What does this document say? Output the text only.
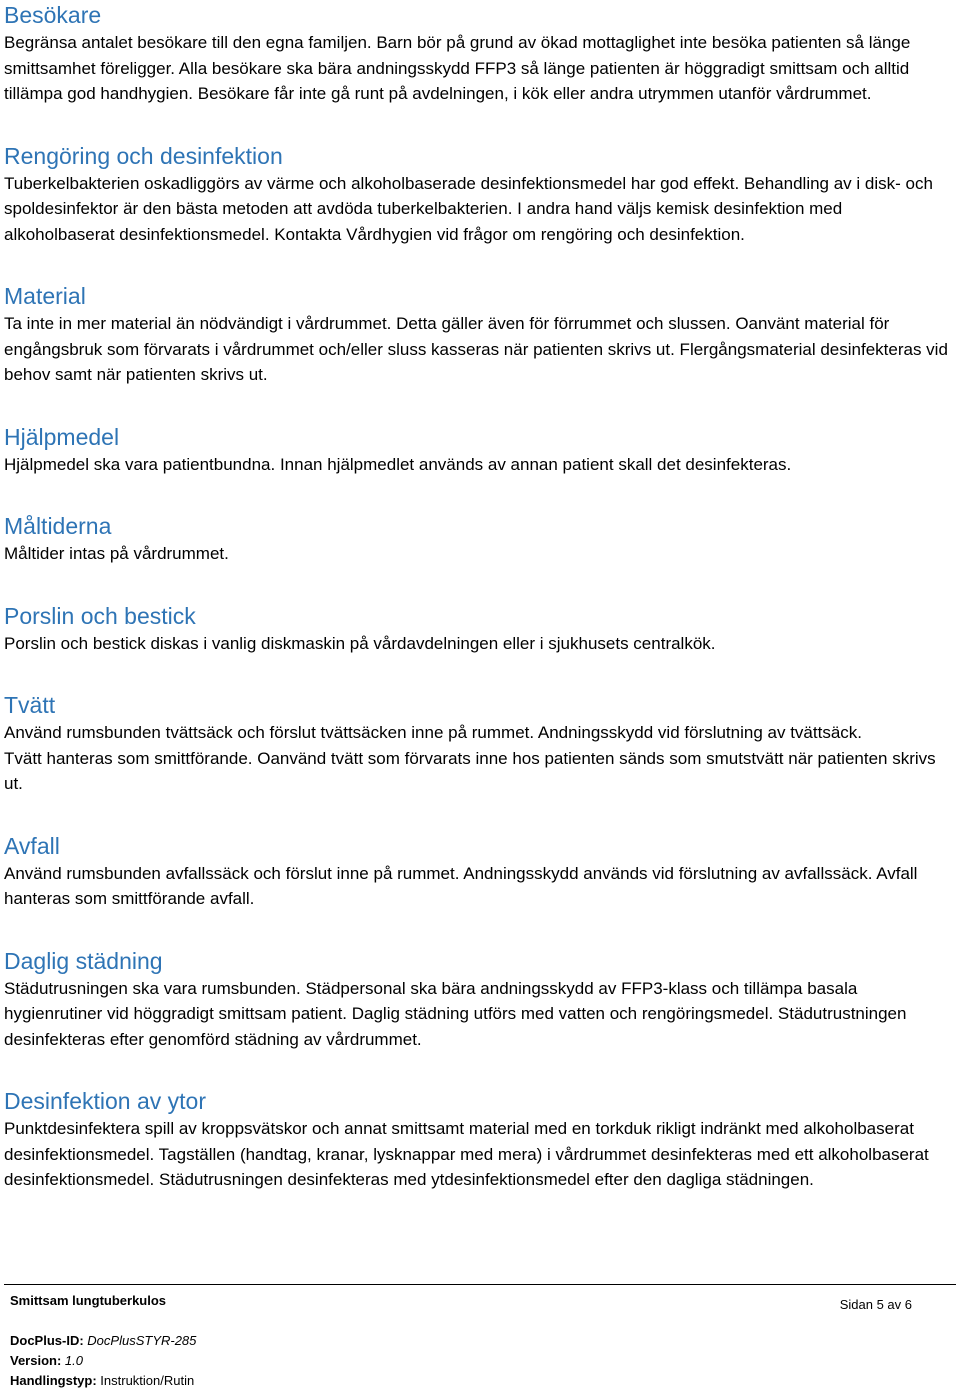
Besökare

Begränsa antalet besökare till den egna familjen. Barn bör på grund av ökad mottaglighet inte besöka patienten så länge smittsamhet föreligger. Alla besökare ska bära andningsskydd FFP3 så länge patienten är höggradigt smittsam och alltid tillämpa god handhygien. Besökare får inte gå runt på avdelningen, i kök eller andra utrymmen utanför vårdrummet.

Rengöring och desinfektion

Tuberkelbakterien oskadliggörs av värme och alkoholbaserade desinfektionsmedel har god effekt. Behandling av i disk- och spoldesinfektor är den bästa metoden att avdöda tuberkelbakterien. I andra hand väljs kemisk desinfektion med alkoholbaserat desinfektionsmedel. Kontakta Vårdhygien vid frågor om rengöring och desinfektion.

Material

Ta inte in mer material än nödvändigt i vårdrummet. Detta gäller även för förrummet och slussen. Oanvänt material för engångsbruk som förvarats i vårdrummet och/eller sluss kasseras när patienten skrivs ut. Flergångsmaterial desinfekteras vid behov samt när patienten skrivs ut.

Hjälpmedel

Hjälpmedel ska vara patientbundna. Innan hjälpmedlet används av annan patient skall det desinfekteras.

Måltiderna

Måltider intas på vårdrummet.

Porslin och bestick

Porslin och bestick diskas i vanlig diskmaskin på vårdavdelningen eller i sjukhusets centralkök.

Tvätt

Använd rumsbunden tvättsäck och förslut tvättsäcken inne på rummet. Andningsskydd vid förslutning av tvättsäck.

Tvätt hanteras som smittförande. Oanvänd tvätt som förvarats inne hos patienten sänds som smutstvätt när patienten skrivs ut.

Avfall

Använd rumsbunden avfallssäck och förslut inne på rummet. Andningsskydd används vid förslutning av avfallssäck. Avfall hanteras som smittförande avfall.

Daglig städning

Städutrusningen ska vara rumsbunden. Städpersonal ska bära andningsskydd av FFP3-klass och tillämpa basala hygienrutiner vid höggradigt smittsam patient. Daglig städning utförs med vatten och rengöringsmedel. Städutrustningen desinfekteras efter genomförd städning av vårdrummet.

Desinfektion av ytor

Punktdesinfektera spill av kroppsvätskor och annat smittsamt material med en torkduk rikligt indränkt med alkoholbaserat desinfektionsmedel. Tagställen (handtag, kranar, lysknappar med mera) i vårdrummet desinfekteras med ett alkoholbaserat desinfektionsmedel. Städutrusningen desinfekteras med ytdesinfektionsmedel efter den dagliga städningen.

Smittsam lungtuberkulos	Sidan 5 av 6
DocPlus-ID: DocPlusSTYR-285
Version: 1.0
Handlingstyp: Instruktion/Rutin
